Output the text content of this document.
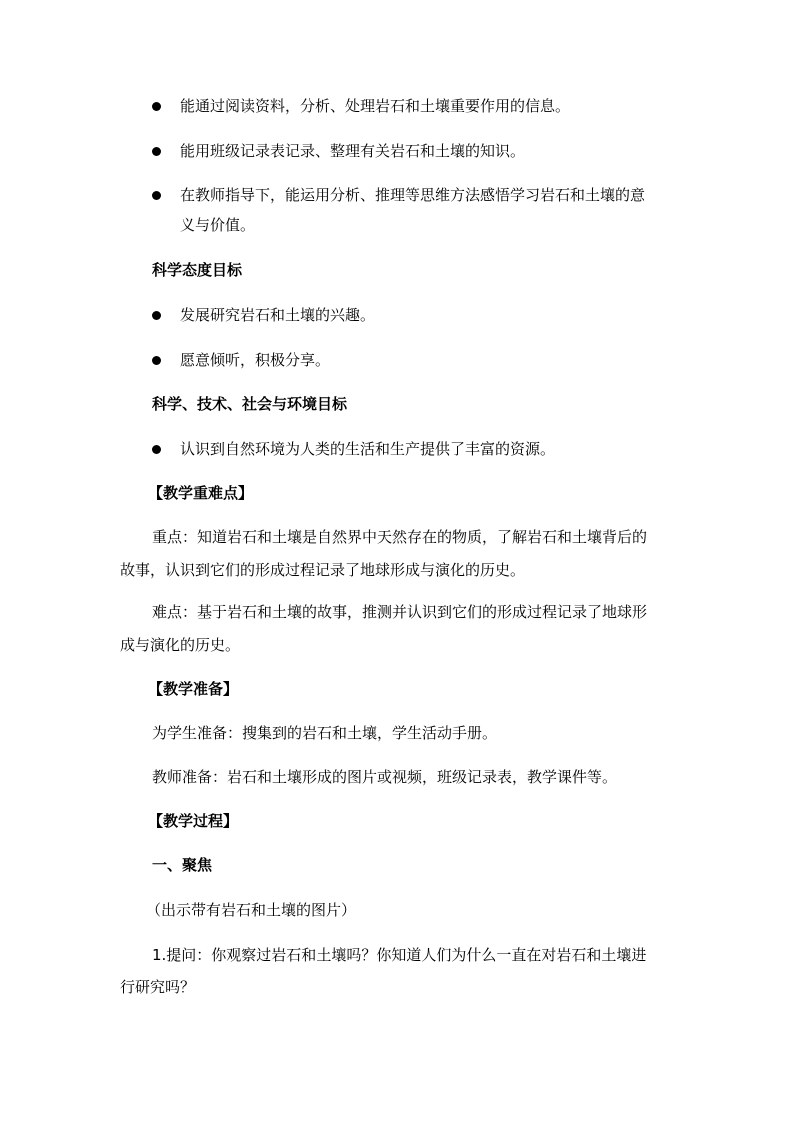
能通过阅读资料，分析、处理岩石和土壤重要作用的信息。
能用班级记录表记录、整理有关岩石和土壤的知识。
在教师指导下，能运用分析、推理等思维方法感悟学习岩石和土壤的意
义与价值。
科学态度目标
发展研究岩石和土壤的兴趣。
愿意倾听，积极分享。
科学、技术、社会与环境目标
认识到自然环境为人类的生活和生产提供了丰富的资源。
【教学重难点】
重点：知道岩石和土壤是自然界中天然存在的物质，了解岩石和土壤背后的
故事，认识到它们的形成过程记录了地球形成与演化的历史。
难点：基于岩石和土壤的故事，推测并认识到它们的形成过程记录了地球形
成与演化的历史。
【教学准备】
为学生准备：搜集到的岩石和土壤，学生活动手册。
教师准备：岩石和土壤形成的图片或视频，班级记录表，教学课件等。
【教学过程】
一、聚焦
（出示带有岩石和土壤的图片）
1.提问：你观察过岩石和土壤吗？你知道人们为什么一直在对岩石和土壤进
行研究吗？
